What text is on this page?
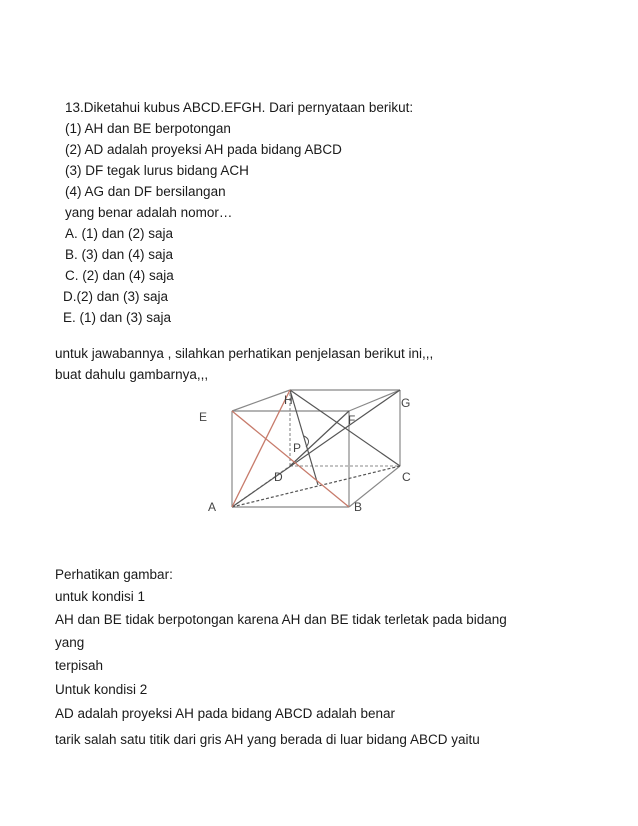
13.Diketahui kubus ABCD.EFGH. Dari pernyataan berikut:
(1) AH dan BE berpotongan
(2) AD adalah proyeksi AH pada bidang ABCD
(3) DF tegak lurus bidang ACH
(4) AG dan DF bersilangan
yang benar adalah nomor…
A. (1) dan (2) saja
B. (3) dan (4) saja
C. (2) dan (4) saja
D.(2) dan (3) saja
E. (1) dan (3) saja
untuk jawabannya , silahkan perhatikan penjelasan berikut ini,,,
buat dahulu gambarnya,,,
E
H	G
F
P
D	C
A	B
Perhatikan gambar:
untuk kondisi 1
AH dan BE tidak berpotongan karena AH dan BE tidak terletak pada bidang
yang
terpisah
Untuk kondisi 2
AD adalah proyeksi AH pada bidang ABCD adalah benar
tarik salah satu titik dari gris AH yang berada di luar bidang ABCD yaitu
